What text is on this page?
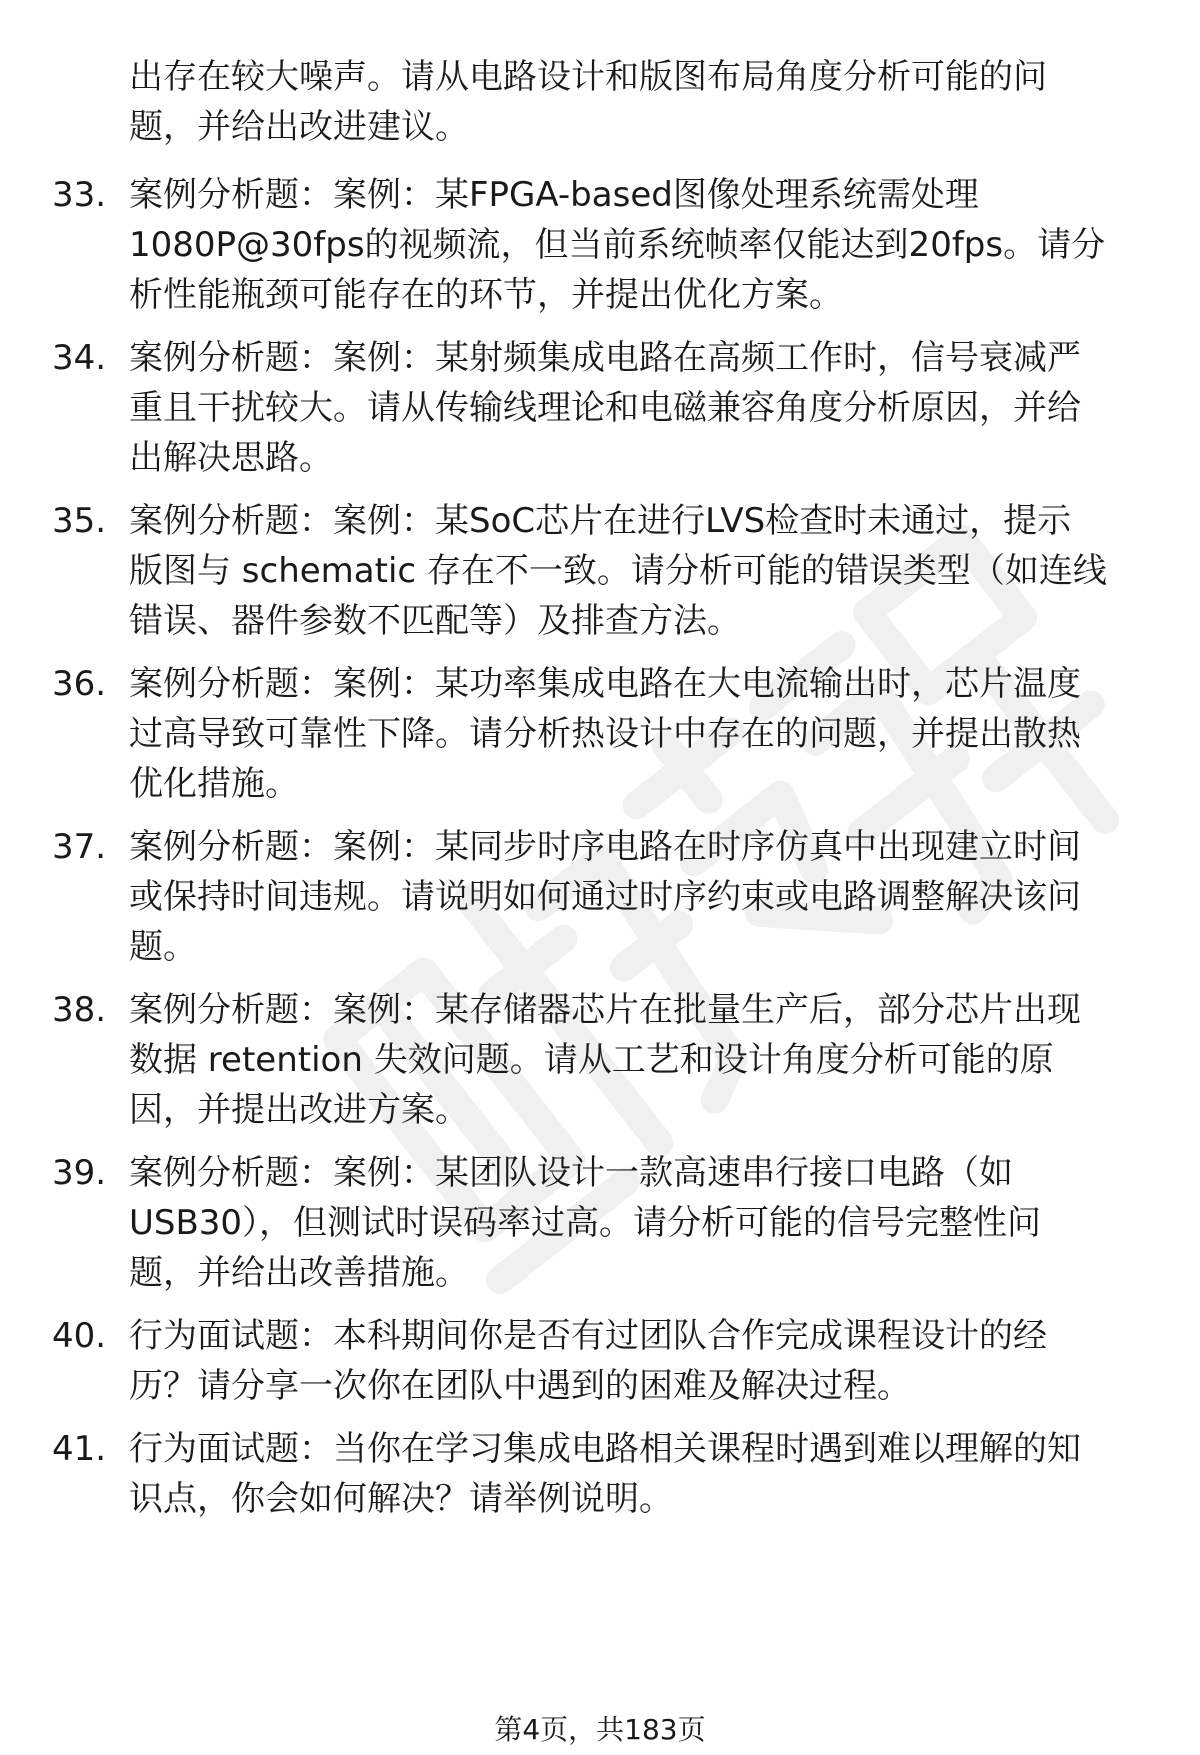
出存在较大噪声。请从电路设计和版图布局角度分析可能的问
题，并给出改进建议。
33. 案例分析题：案例：某FPGA-based图像处理系统需处理
1080P@30fps的视频流，但当前系统帧率仅能达到20fps。请分
析性能瓶颈可能存在的环节，并提出优化方案。
34. 案例分析题：案例：某射频集成电路在高频工作时，信号衰减严
重且干扰较大。请从传输线理论和电磁兼容角度分析原因，并给
出解决思路。
35. 案例分析题：案例：某SoC芯片在进行LVS检查时未通过，提示
版图与 schematic 存在不一致。请分析可能的错误类型（如连线
错误、器件参数不匹配等）及排查方法。
36. 案例分析题：案例：某功率集成电路在大电流输出时，芯片温度
过高导致可靠性下降。请分析热设计中存在的问题，并提出散热
优化措施。
37. 案例分析题：案例：某同步时序电路在时序仿真中出现建立时间
或保持时间违规。请说明如何通过时序约束或电路调整解决该问
题。
38. 案例分析题：案例：某存储器芯片在批量生产后，部分芯片出现
数据 retention 失效问题。请从工艺和设计角度分析可能的原
因，并提出改进方案。
39. 案例分析题：案例：某团队设计一款高速串行接口电路（如
USB30），但测试时误码率过高。请分析可能的信号完整性问
题，并给出改善措施。
40. 行为面试题：本科期间你是否有过团队合作完成课程设计的经
历？请分享一次你在团队中遇到的困难及解决过程。
41. 行为面试题：当你在学习集成电路相关课程时遇到难以理解的知
识点，你会如何解决？请举例说明。
第4页，共183页
